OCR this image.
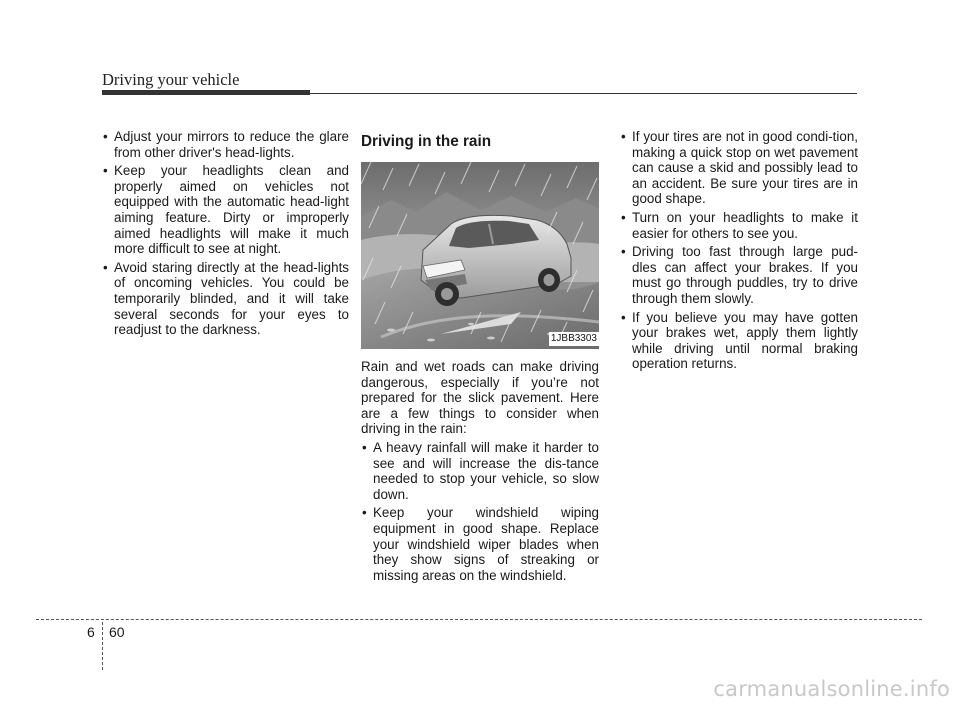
Driving your vehicle
• Adjust your mirrors to reduce the glare from other driver's head-lights.
• Keep your headlights clean and properly aimed on vehicles not equipped with the automatic head-light aiming feature. Dirty or improperly aimed headlights will make it much more difficult to see at night.
• Avoid staring directly at the head-lights of oncoming vehicles. You could be temporarily blinded, and it will take several seconds for your eyes to readjust to the darkness.
Driving in the rain
1JBB3303

Rain and wet roads can make driving dangerous, especially if you’re not prepared for the slick pavement. Here are a few things to consider when driving in the rain:

• A heavy rainfall will make it harder to see and will increase the dis-tance needed to stop your vehicle, so slow down.
• Keep your windshield wiping equipment in good shape. Replace your windshield wiper blades when they show signs of streaking or missing areas on the windshield.
• If your tires are not in good condi-tion, making a quick stop on wet pavement can cause a skid and possibly lead to an accident. Be sure your tires are in good shape.
• Turn on your headlights to make it easier for others to see you.
• Driving too fast through large pud-dles can affect your brakes. If you must go through puddles, try to drive through them slowly.
• If you believe you may have gotten your brakes wet, apply them lightly while driving until normal braking operation returns.
6 60
carmanualsonline.info
